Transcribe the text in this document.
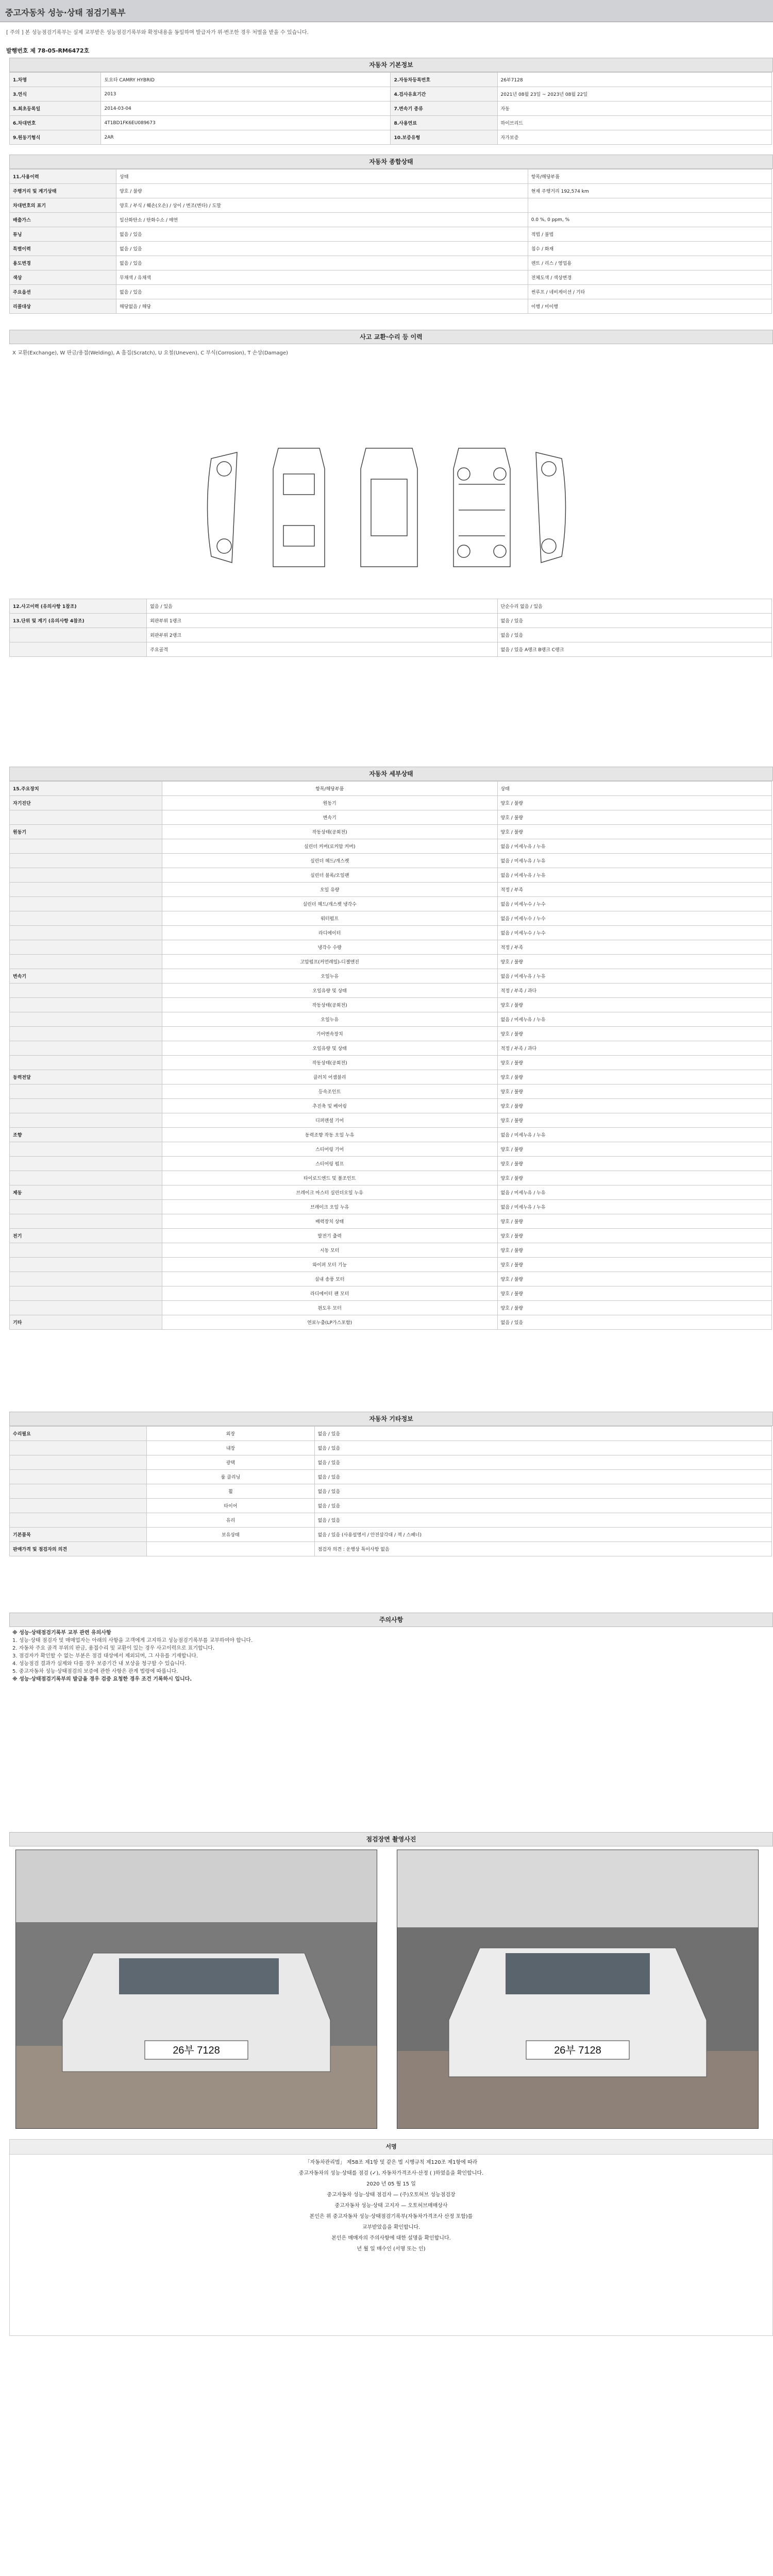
중고자동차 성능·상태 점검기록부
[ 주의 ] 본 성능점검기록부는 실제 교부받은 성능점검기록부와 확정내용을 동일하며 발급자가 위·변조한 경우 처벌을 받을 수 있습니다.
발행번호 제 78-05-RM6472호
자동차 기본정보
1.차명	토요타 CAMRY HYBRID	2.자동차등록번호	26부7128
3.연식	2013	4.검사유효기간	2021년 08월 23일 ~ 2023년 08월 22일
5.최초등록일	2014-03-04	7.변속기 종류	자동
6.차대번호	4T1BD1FK6EU089673	8.사용연료	하이브리드
9.원동기형식	2AR	10.보증유형	자가보증
자동차 종합상태
11.사용이력	상태	항목/해당부품
주행거리 및 계기상태	양호 / 불량	현재 주행거리 192,574 km
차대번호의 표기	양호 / 부식 / 훼손(오손) / 상이 / 변조(변타) / 도말	
배출가스	일산화탄소 / 탄화수소 / 매연	0.0 %, 0 ppm, %
튜닝	없음 / 있음	적법 / 불법
특별이력	없음 / 있음	침수 / 화재
용도변경	없음 / 있음	렌트 / 리스 / 영업용
색상	무채색 / 유채색	전체도색 / 색상변경
주요옵션	없음 / 있음	썬루프 / 네비게이션 / 기타
리콜대상	해당없음 / 해당	이행 / 미이행
사고 교환·수리 등 이력
X 교환(Exchange), W 판금/용접(Welding), A 흠집(Scratch), U 요철(Uneven), C 부식(Corrosion), T 손상(Damage)
12.사고이력 (유의사항 1참조)	없음 / 있음	단순수리 없음 / 있음
13.단위 및 계기 (유의사항 4참조)	외판부위 1랭크	없음 / 있음
	외판부위 2랭크	없음 / 있음
	주요골격	없음 / 있음 A랭크 B랭크 C랭크
자동차 세부상태
15.주요장치	항목/해당부품	상태
자기진단	원동기	양호 / 불량
	변속기	양호 / 불량
원동기	작동상태(공회전)	양호 / 불량
	실린더 커버(로커암 커버)	없음 / 미세누유 / 누유
	실린더 헤드/개스켓	없음 / 미세누유 / 누유
	실린더 블록/오일팬	없음 / 미세누유 / 누유
	오일 유량	적정 / 부족
	실린더 헤드/개스켓 냉각수	없음 / 미세누수 / 누수
	워터펌프	없음 / 미세누수 / 누수
	라디에이터	없음 / 미세누수 / 누수
	냉각수 수량	적정 / 부족
	고압펌프(커먼레일)-디젤엔진	양호 / 불량
변속기	오일누유	없음 / 미세누유 / 누유
	오일유량 및 상태	적정 / 부족 / 과다
	작동상태(공회전)	양호 / 불량
	오일누유	없음 / 미세누유 / 누유
	기어변속장치	양호 / 불량
	오일유량 및 상태	적정 / 부족 / 과다
	작동상태(공회전)	양호 / 불량
동력전달	클러치 어셈블리	양호 / 불량
	등속조인트	양호 / 불량
	추진축 및 베어링	양호 / 불량
	디퍼렌셜 기어	양호 / 불량
조향	동력조향 작동 오일 누유	없음 / 미세누유 / 누유
	스티어링 기어	양호 / 불량
	스티어링 펌프	양호 / 불량
	타이로드엔드 및 볼조인트	양호 / 불량
제동	브레이크 마스터 실린더오일 누유	없음 / 미세누유 / 누유
	브레이크 오일 누유	없음 / 미세누유 / 누유
	배력장치 상태	양호 / 불량
전기	발전기 출력	양호 / 불량
	시동 모터	양호 / 불량
	와이퍼 모터 기능	양호 / 불량
	실내 송풍 모터	양호 / 불량
	라디에이터 팬 모터	양호 / 불량
	윈도우 모터	양호 / 불량
기타	연료누출(LP가스포함)	없음 / 있음
자동차 기타정보
수리필요	외장	없음 / 있음
	내장	없음 / 있음
	광택	없음 / 있음
	룸 클리닝	없음 / 있음
	휠	없음 / 있음
	타이어	없음 / 있음
	유리	없음 / 있음
기본품목	보유상태	없음 / 있음 (사용설명서 / 안전삼각대 / 잭 / 스패너)
판매가격 및 점검자의 의견		점검자 의견 : 운행상 특이사항 없음
주의사항
※ 성능·상태점검기록부 교부 관련 유의사항
1. 성능·상태 점검자 및 매매업자는 아래의 사항을 고객에게 고지하고 성능점검기록부를 교부하여야 합니다.
2. 자동차 주요 골격 부위의 판금, 용접수리 및 교환이 있는 경우 사고이력으로 표기합니다.
3. 점검자가 확인할 수 없는 부분은 점검 대상에서 제외되며, 그 사유를 기재합니다.
4. 성능점검 결과가 실제와 다를 경우 보증기간 내 보상을 청구할 수 있습니다.
5. 중고자동차 성능·상태점검의 보증에 관한 사항은 관계 법령에 따릅니다.
※ 성능·상태점검기록부의 발급을 경우 검증 요청한 경우 조건 기록하시 입니다.
점검장면 촬영사진
26부 7128	26부 7128
서명

「자동차관리법」 제58조 제1항 및 같은 법 시행규칙 제120조 제1항에 따라

중고자동차의 성능·상태를 점검 (✓), 자동차가격조사·산정 ( )하였음을 확인합니다.

2020 년 05 월 15 일

중고자동차 성능·상태 점검자 — (주)오토허브 성능점검장

중고자동차 성능·상태 고지자 — 오토허브매매상사

본인은 위 중고자동차 성능·상태점검기록부(자동차가격조사 산정 포함)를

교부받았음을 확인합니다.

본인은 매매자의 주의사항에 대한 설명을 확인합니다.

년 월 일 매수인 (서명 또는 인)
